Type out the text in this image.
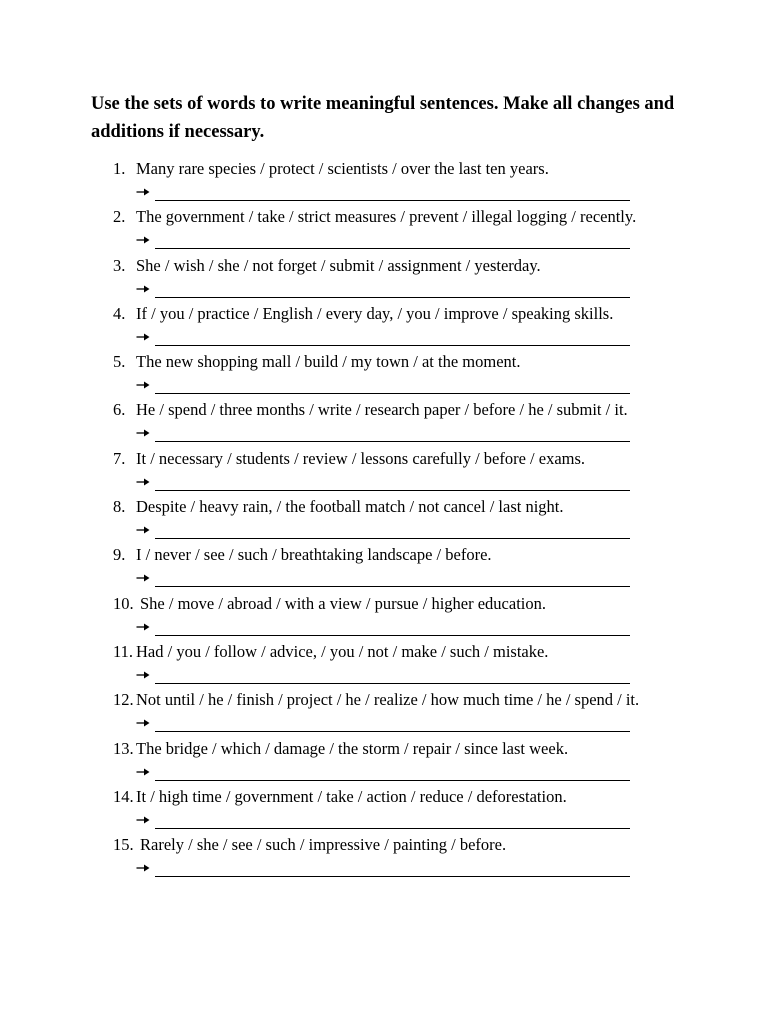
Use the sets of words to write meaningful sentences. Make all changes and additions if necessary.
1. Many rare species / protect / scientists / over the last ten years.
2. The government / take / strict measures / prevent / illegal logging / recently.
3. She / wish / she / not forget / submit / assignment / yesterday.
4. If / you / practice / English / every day, / you / improve / speaking skills.
5. The new shopping mall / build / my town / at the moment.
6. He / spend / three months / write / research paper / before / he / submit / it.
7. It / necessary / students / review / lessons carefully / before / exams.
8. Despite / heavy rain, / the football match / not cancel / last night.
9. I / never / see / such / breathtaking landscape / before.
10. She / move / abroad / with a view / pursue / higher education.
11. Had / you / follow / advice, / you / not / make / such / mistake.
12. Not until / he / finish / project / he / realize / how much time / he / spend / it.
13. The bridge / which / damage / the storm / repair / since last week.
14. It / high time / government / take / action / reduce / deforestation.
15. Rarely / she / see / such / impressive / painting / before.
